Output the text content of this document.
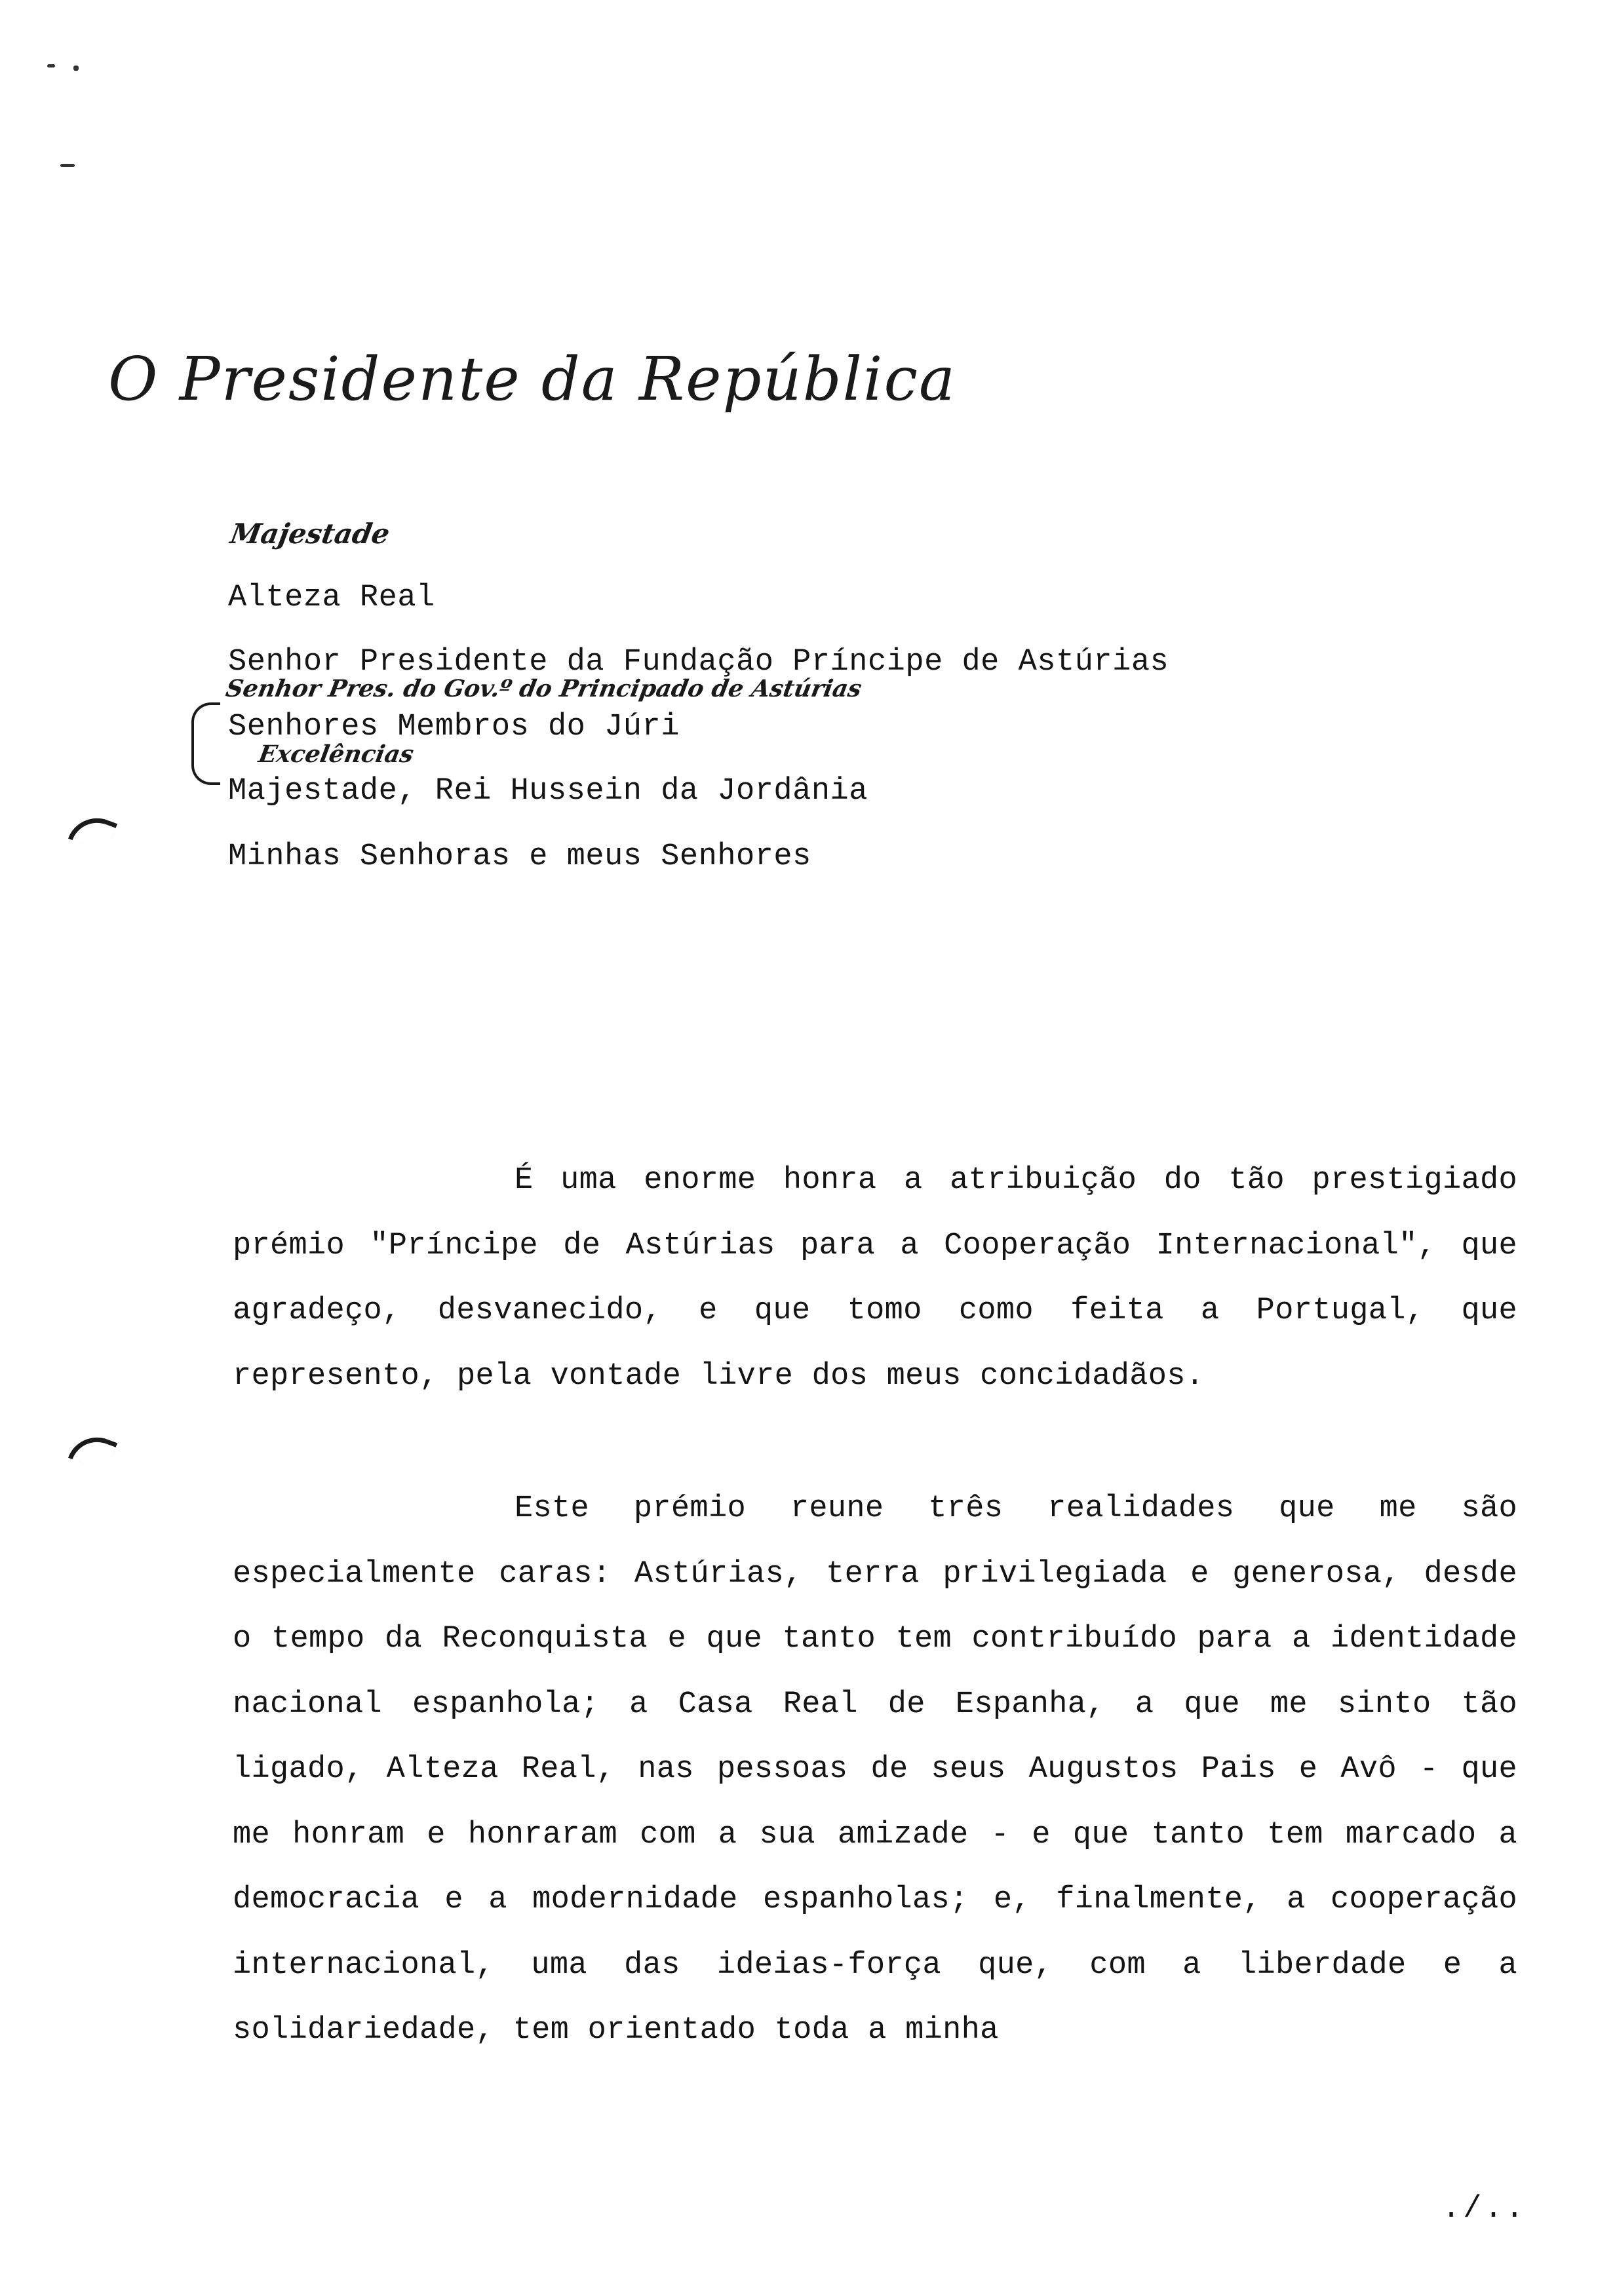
O Presidente da República
Majestade
Alteza Real
Senhor Presidente da Fundação Príncipe de Astúrias
Senhor Pres. do Gov.º do Principado de Astúrias
Senhores Membros do Júri
Excelências
Majestade, Rei Hussein da Jordânia
Minhas Senhoras e meus Senhores

É uma enorme honra a atribuição do tão prestigiado prémio "Príncipe de Astúrias para a Cooperação Internacional", que agradeço, desvanecido, e que tomo como feita a Portugal, que represento, pela vontade livre dos meus concidadãos.

Este prémio reune três realidades que me são especialmente caras: Astúrias, terra privilegiada e generosa, desde o tempo da Reconquista e que tanto tem contribuído para a identidade nacional espanhola; a Casa Real de Espanha, a que me sinto tão ligado, Alteza Real, nas pessoas de seus Augustos Pais e Avô - que me honram e honraram com a sua amizade - e que tanto tem marcado a democracia e a modernidade espanholas; e, finalmente, a cooperação internacional, uma das ideias-força que, com a liberdade e a solidariedade, tem orientado toda a minha

./..
